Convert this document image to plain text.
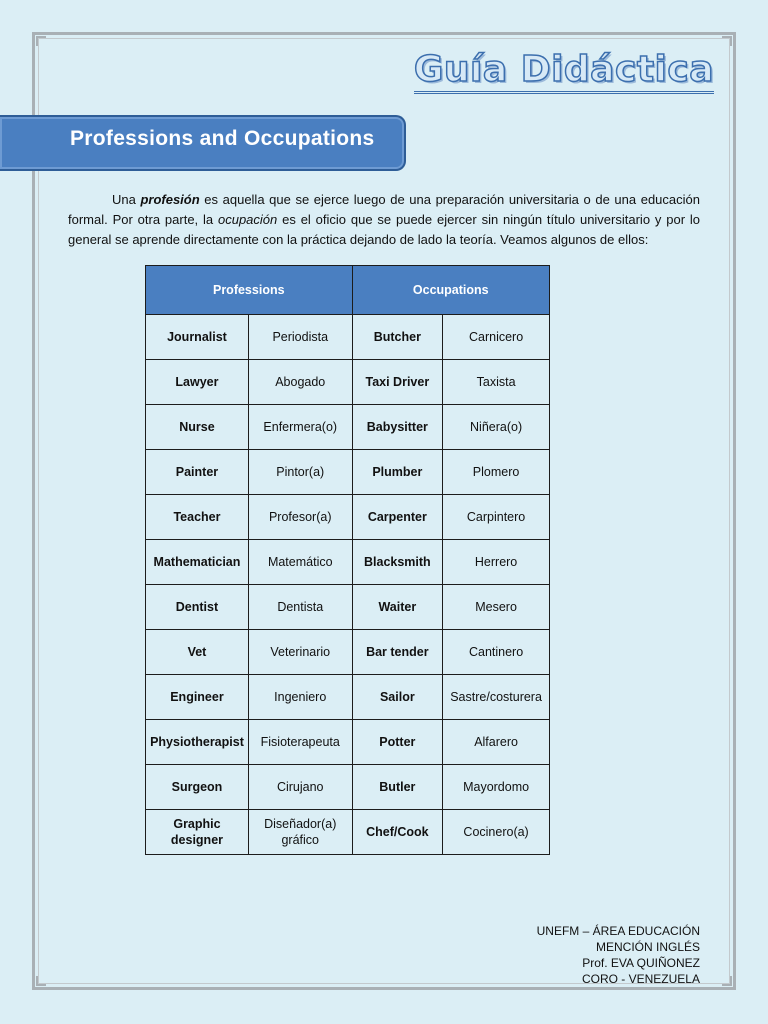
Guía Didáctica
Professions and Occupations

Una profesión es aquella que se ejerce luego de una preparación universitaria o de una educación formal. Por otra parte, la ocupación es el oficio que se puede ejercer sin ningún título universitario y por lo general se aprende directamente con la práctica dejando de lado la teoría. Veamos algunos de ellos:

Professions		Occupations	
Journalist	Periodista	Butcher	Carnicero
Lawyer	Abogado	Taxi Driver	Taxista
Nurse	Enfermera(o)	Babysitter	Niñera(o)
Painter	Pintor(a)	Plumber	Plomero
Teacher	Profesor(a)	Carpenter	Carpintero
Mathematician	Matemático	Blacksmith	Herrero
Dentist	Dentista	Waiter	Mesero
Vet	Veterinario	Bar tender	Cantinero
Engineer	Ingeniero	Sailor	Sastre/costurera
Physiotherapist	Fisioterapeuta	Potter	Alfarero
Surgeon	Cirujano	Butler	Mayordomo
Graphic designer	Diseñador(a) gráfico	Chef/Cook	Cocinero(a)
UNEFM – ÁREA EDUCACIÓN
MENCIÓN INGLÉS
Prof. EVA QUIÑONEZ
CORO - VENEZUELA
